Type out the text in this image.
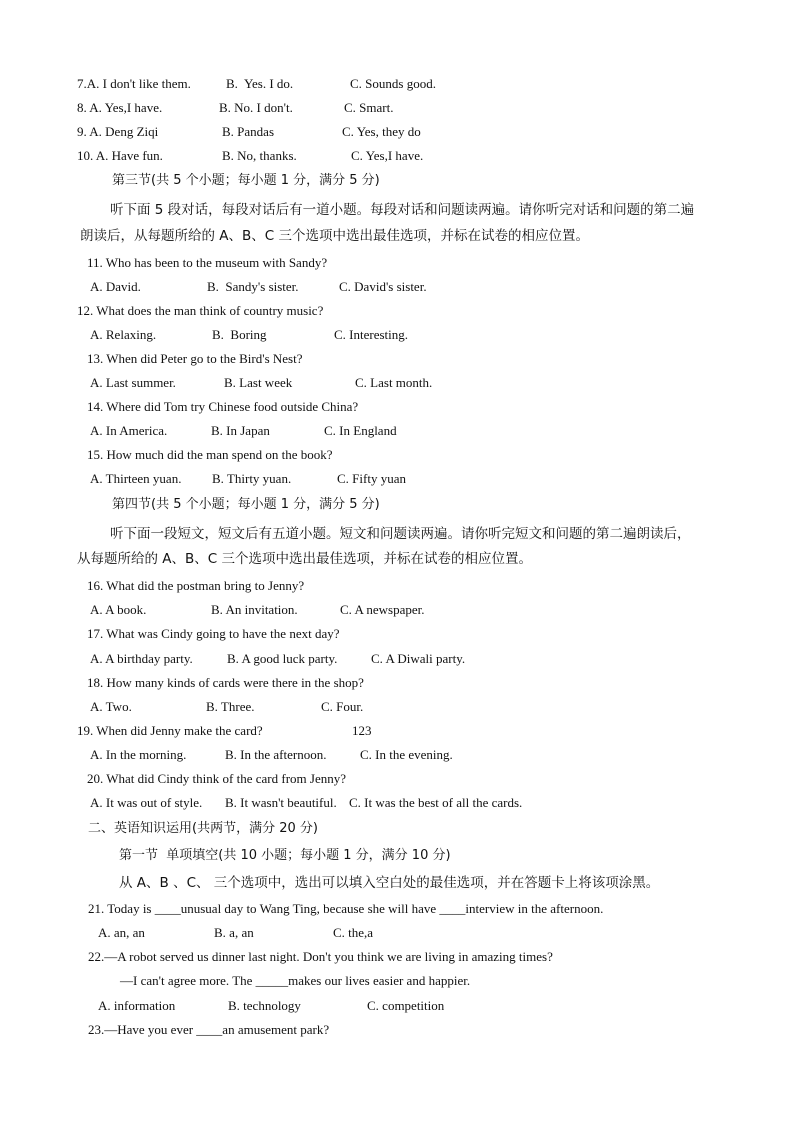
7.A. I don't like them.	B.  Yes. I do.	C. Sounds good.
8. A. Yes,I have.	B. No. I don't.	C. Smart.
9. A. Deng Ziqi	B. Pandas	C. Yes, they do
10. A. Have fun.	B. No, thanks.	C. Yes,I have.
第三节(共 5 个小题；每小题 1 分，满分 5 分)
听下面 5 段对话，每段对话后有一道小题。每段对话和问题读两遍。请你听完对话和问题的第二遍
朗读后，从每题所给的 A、B、C 三个选项中选出最佳选项，并标在试卷的相应位置。
11. Who has been to the museum with Sandy?
A. David.	B.  Sandy's sister.	C. David's sister.
12. What does the man think of country music?
A. Relaxing.	B.  Boring	C. Interesting.
13. When did Peter go to the Bird's Nest?
A. Last summer.	B. Last week	C. Last month.
14. Where did Tom try Chinese food outside China?
A. In America.	B. In Japan	C. In England
15. How much did the man spend on the book?
A. Thirteen yuan. B. Thirty yuan.	C. Fifty yuan
第四节(共 5 个小题；每小题 1 分，满分 5 分)
听下面一段短文，短文后有五道小题。短文和问题读两遍。请你听完短文和问题的第二遍朗读后，
从每题所给的 A、B、C 三个选项中选出最佳选项，并标在试卷的相应位置。
16. What did the postman bring to Jenny?
A. A book.	B. An invitation.	C. A newspaper.
17. What was Cindy going to have the next day?
A. A birthday party.	B. A good luck party.	C. A Diwali party.
18. How many kinds of cards were there in the shop?
A. Two.	B. Three.	C. Four.
19. When did Jenny make the card?	123
A. In the morning.	B. In the afternoon.	C. In the evening.
20. What did Cindy think of the card from Jenny?
A. It was out of style. B. It wasn't beautiful. C. It was the best of all the cards.
二、英语知识运用(共两节，满分 20 分)
第一节  单项填空(共 10 小题；每小题 1 分，满分 10 分)
从 A、B 、C、 三个选项中，选出可以填入空白处的最佳选项，并在答题卡上将该项涂黑。
21. Today is ____unusual day to Wang Ting, because she will have ____interview in the afternoon.
A. an, an	B. a, an	C. the,a
22.—A robot served us dinner last night. Don't you think we are living in amazing times?
—I can't agree more. The _____makes our lives easier and happier.
A. information	B. technology	C. competition
23.—Have you ever ____an amusement park?
